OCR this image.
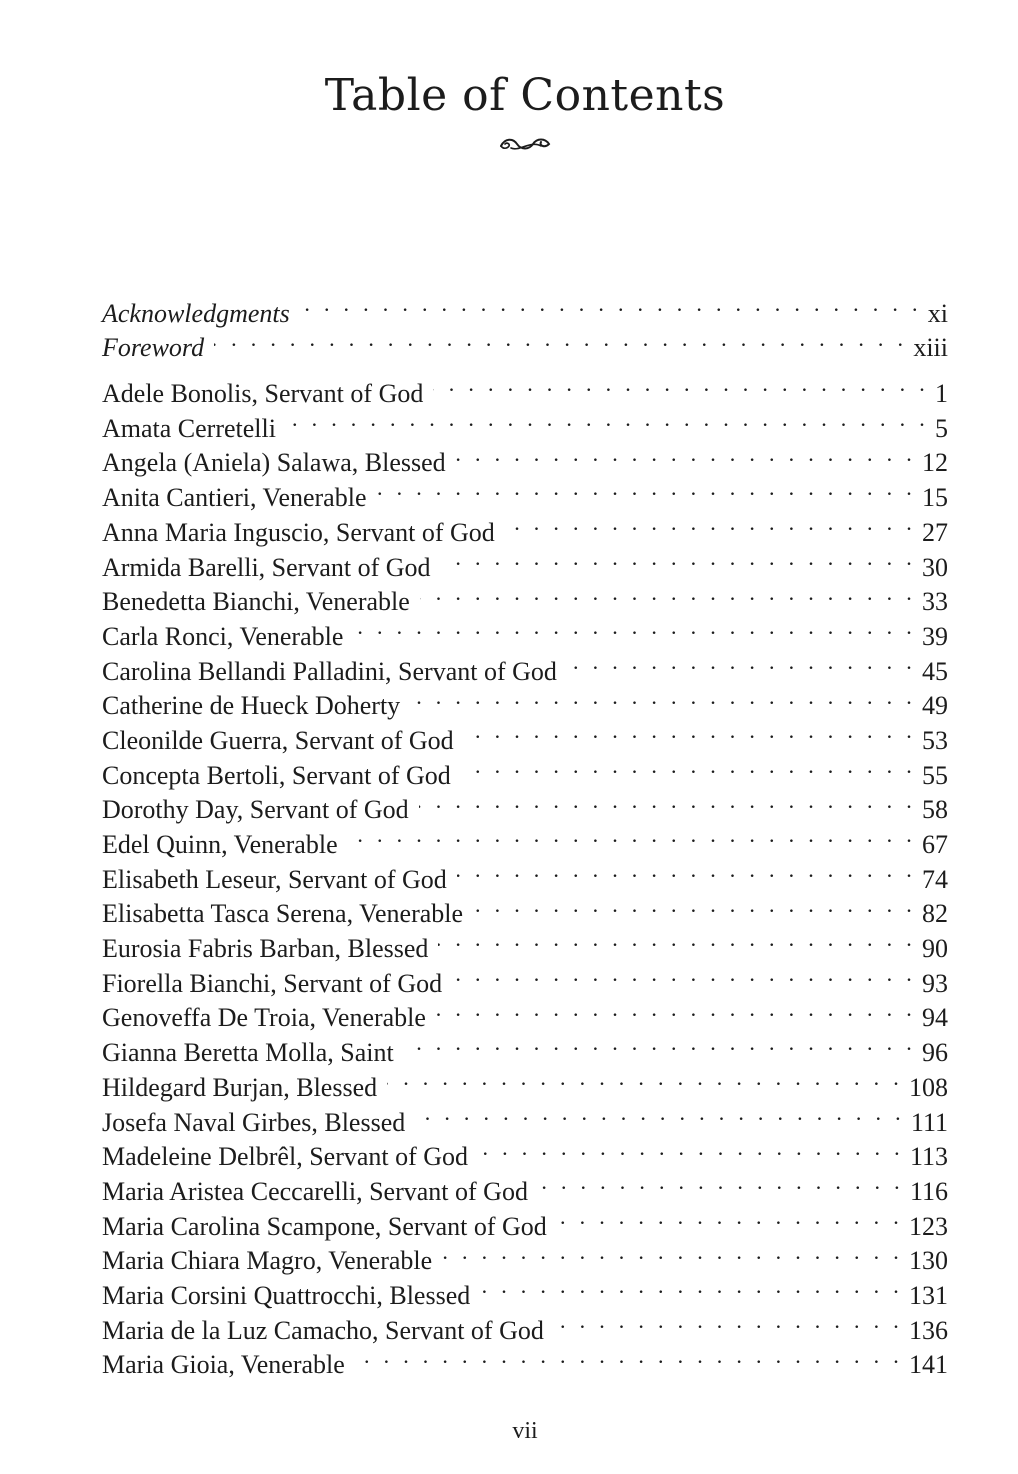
Table of Contents
Acknowledgments . . .	xi
Foreword . . .	xiii
Adele Bonolis, Servant of God . . .	1
Amata Cerretelli . . .	5
Angela (Aniela) Salawa, Blessed . . .	12
Anita Cantieri, Venerable . . .	15
Anna Maria Inguscio, Servant of God . . .	27
Armida Barelli, Servant of God . . .	30
Benedetta Bianchi, Venerable . . .	33
Carla Ronci, Venerable . . .	39
Carolina Bellandi Palladini, Servant of God . . .	45
Catherine de Hueck Doherty . . .	49
Cleonilde Guerra, Servant of God . . .	53
Concepta Bertoli, Servant of God . . .	55
Dorothy Day, Servant of God . . .	58
Edel Quinn, Venerable . . .	67
Elisabeth Leseur, Servant of God . . .	74
Elisabetta Tasca Serena, Venerable . . .	82
Eurosia Fabris Barban, Blessed . . .	90
Fiorella Bianchi, Servant of God . . .	93
Genoveffa De Troia, Venerable . . .	94
Gianna Beretta Molla, Saint . . .	96
Hildegard Burjan, Blessed . . .	108
Josefa Naval Girbes, Blessed . . .	111
Madeleine Delbrêl, Servant of God . . .	113
Maria Aristea Ceccarelli, Servant of God . . .	116
Maria Carolina Scampone, Servant of God . . .	123
Maria Chiara Magro, Venerable . . .	130
Maria Corsini Quattrocchi, Blessed . . .	131
Maria de la Luz Camacho, Servant of God . . .	136
Maria Gioia, Venerable . . .	141
vii
